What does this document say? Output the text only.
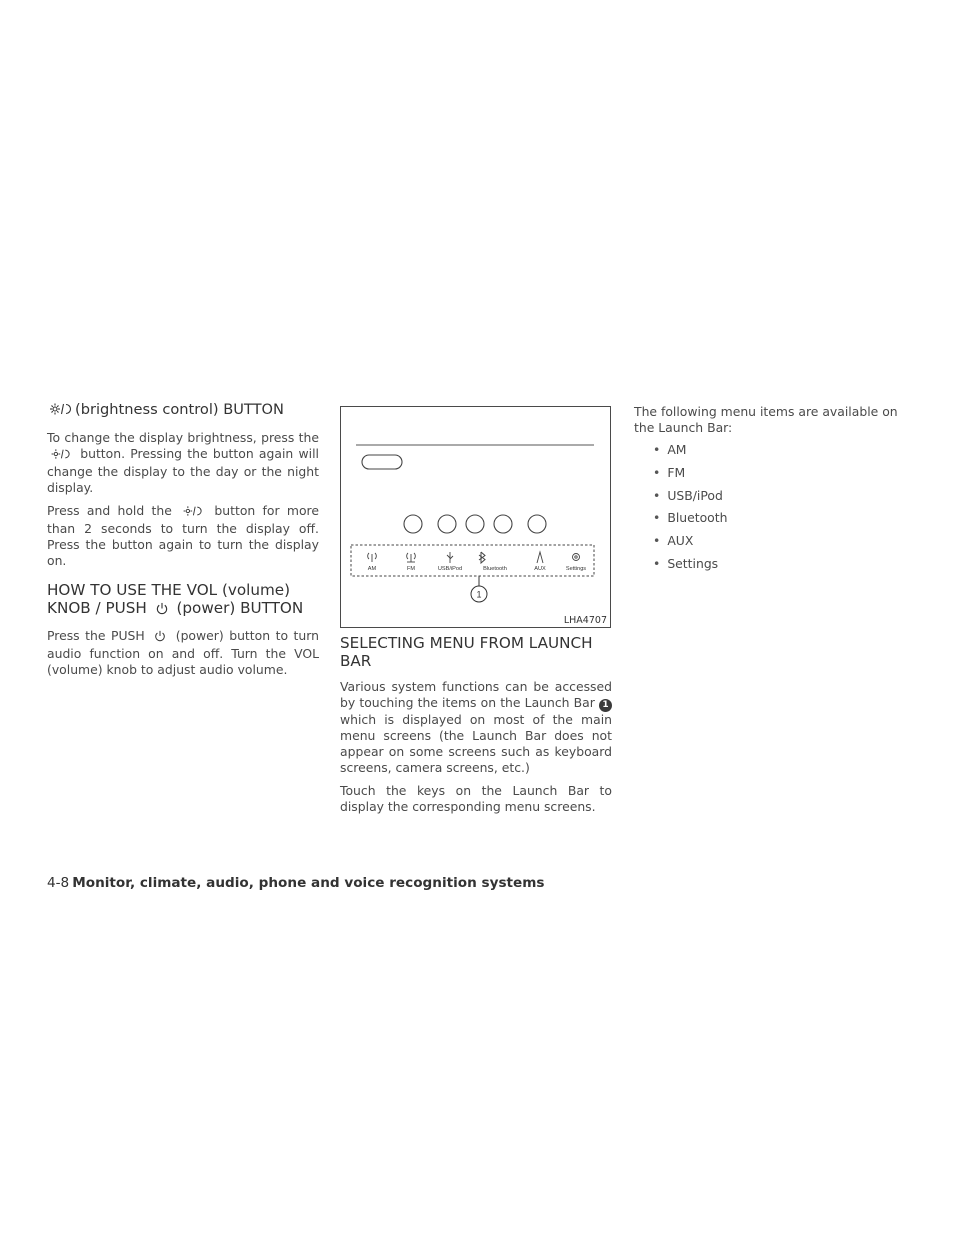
(brightness control) BUTTON

To change the display brightness, press the  button. Pressing the button again will change the display to the day or the night display.

Press and hold the	button for more than 2 seconds to turn the display off. Press the button again to turn the display on.

HOW TO USE THE VOL (volume) KNOB / PUSH (power) BUTTON

Press the PUSH	(power) button to turn audio function on and off. Turn the VOL (volume) knob to adjust audio volume.

AM	FM	USB/iPod	Bluetooth	AUX	Settings
1
LHA4707
SELECTING MENU FROM LAUNCH BAR

Various system functions can be accessed by touching the items on the Launch Bar 1 which is displayed on most of the main menu screens (the Launch Bar does not appear on some screens such as keyboard screens, camera screens, etc.)

Touch the keys on the Launch Bar to display the corresponding menu screens.

The following menu items are available on the Launch Bar:

• AM
• FM
• USB/iPod
• Bluetooth
• AUX
• Settings
4-8 Monitor, climate, audio, phone and voice recognition systems
